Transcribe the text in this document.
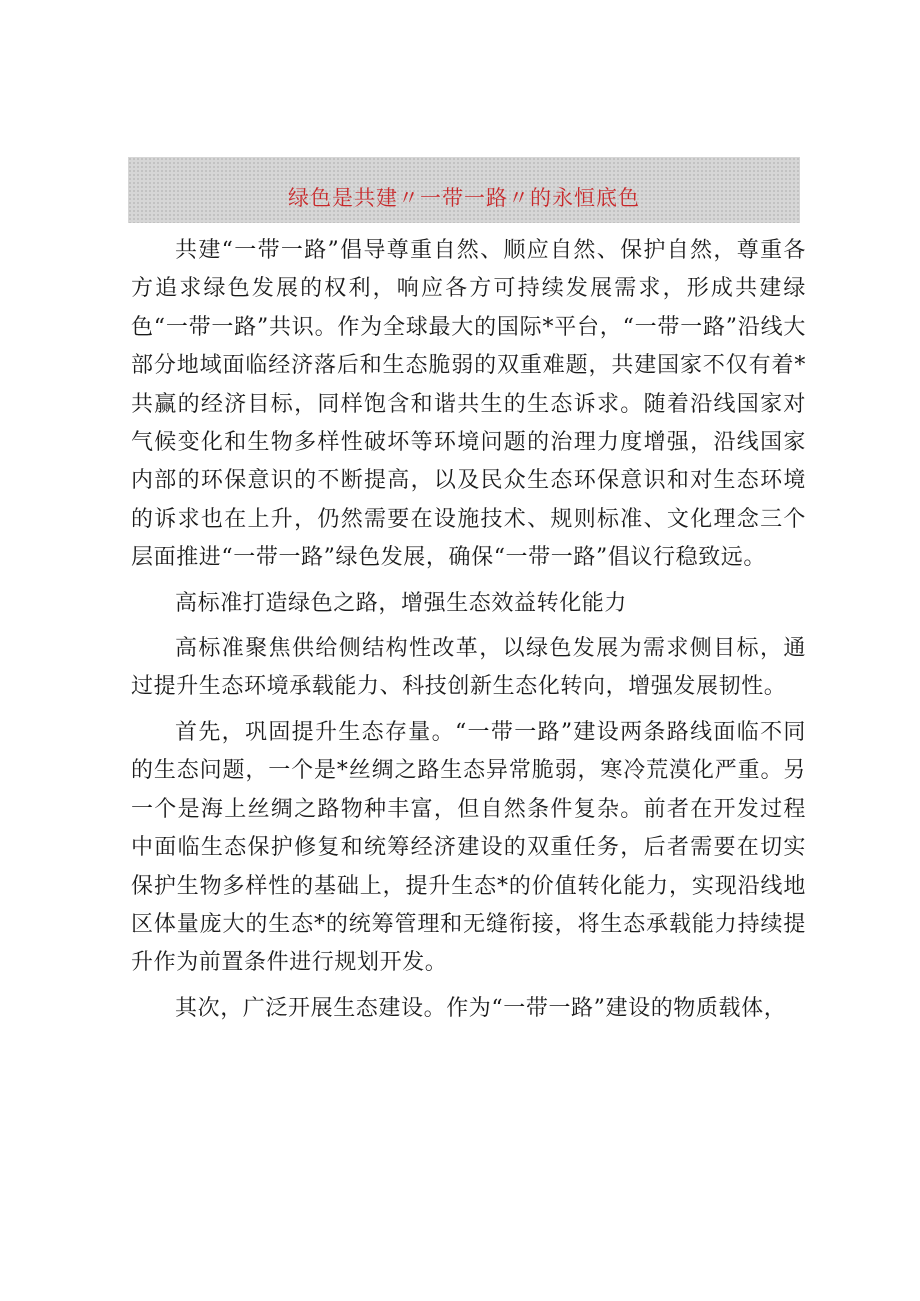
绿色是共建〃一带一路〃的永恒底色

共建“一带一路”倡导尊重自然、顺应自然、保护自然，尊重各方追求绿色发展的权利，响应各方可持续发展需求，形成共建绿色“一带一路”共识。作为全球最大的国际*平台，“一带一路”沿线大部分地域面临经济落后和生态脆弱的双重难题，共建国家不仅有着*共赢的经济目标，同样饱含和谐共生的生态诉求。随着沿线国家对气候变化和生物多样性破坏等环境问题的治理力度增强，沿线国家内部的环保意识的不断提高，以及民众生态环保意识和对生态环境的诉求也在上升，仍然需要在设施技术、规则标准、文化理念三个层面推进“一带一路”绿色发展，确保“一带一路”倡议行稳致远。

高标准打造绿色之路，增强生态效益转化能力

高标准聚焦供给侧结构性改革，以绿色发展为需求侧目标，通过提升生态环境承载能力、科技创新生态化转向，增强发展韧性。

首先，巩固提升生态存量。“一带一路”建设两条路线面临不同的生态问题，一个是*丝绸之路生态异常脆弱，寒冷荒漠化严重。另一个是海上丝绸之路物种丰富，但自然条件复杂。前者在开发过程中面临生态保护修复和统筹经济建设的双重任务，后者需要在切实保护生物多样性的基础上，提升生态*的价值转化能力，实现沿线地区体量庞大的生态*的统筹管理和无缝衔接，将生态承载能力持续提升作为前置条件进行规划开发。

其次，广泛开展生态建设。作为“一带一路”建设的物质载体，
